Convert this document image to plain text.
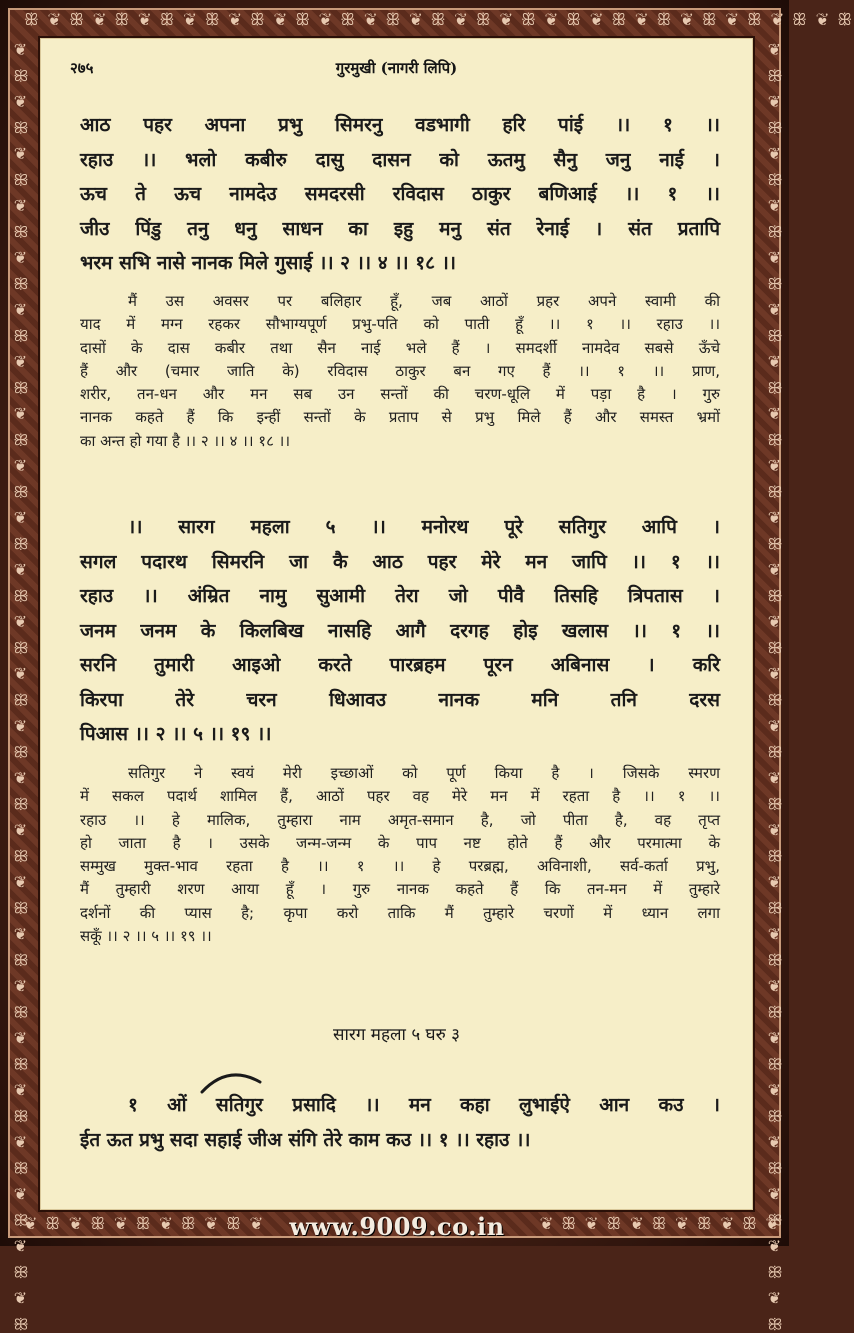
ꕥ ❦ ꕥ ❦ ꕥ ❦ ꕥ ❦ ꕥ ❦ ꕥ ❦ ꕥ ❦ ꕥ ❦ ꕥ ❦ ꕥ ❦ ꕥ ❦ ꕥ ❦ ꕥ ❦ ꕥ ❦ ꕥ ❦ ꕥ ❦ ꕥ ❦ ꕥ ❦ ꕥ
❦ ꕥ ❦ ꕥ ❦ ꕥ ❦ ꕥ ❦ ꕥ ❦	❦ ꕥ ❦ ꕥ ❦ ꕥ ❦ ꕥ ❦ ꕥ ❦
❦ ꕥ ❦ ꕥ ❦ ꕥ ❦ ꕥ ❦ ꕥ ❦ ꕥ ❦ ꕥ ❦ ꕥ ❦ ꕥ ❦ ꕥ ❦ ꕥ ❦ ꕥ ❦ ꕥ ❦ ꕥ ❦ ꕥ ❦ ꕥ ❦ ꕥ ❦ ꕥ ❦ ꕥ ❦ ꕥ ❦ ꕥ ❦ ꕥ ❦ ꕥ ❦ ꕥ ❦ ꕥ	❦ ꕥ ❦ ꕥ ❦ ꕥ ❦ ꕥ ❦ ꕥ ❦ ꕥ ❦ ꕥ ❦ ꕥ ❦ ꕥ ❦ ꕥ ❦ ꕥ ❦ ꕥ ❦ ꕥ ❦ ꕥ ❦ ꕥ ❦ ꕥ ❦ ꕥ ❦ ꕥ ❦ ꕥ ❦ ꕥ ❦ ꕥ ❦ ꕥ ❦ ꕥ ❦ ꕥ ❦ ꕥ
२७५	गुरमुखी (नागरी लिपि)
आठ पहर अपना प्रभु सिमरनु वडभागी हरि पांई ।। १ ।।
रहाउ ।। भलो कबीरु दासु दासन को ऊतमु सैनु जनु नाई ।
ऊच ते ऊच नामदेउ समदरसी रविदास ठाकुर बणिआई ।। १ ।।
जीउ पिंडु तनु धनु साधन का इहु मनु संत रेनाई । संत प्रतापि
भरम सभि नासे नानक मिले गुसाई ।। २ ।। ४ ।। १८ ।।
मैं उस अवसर पर बलिहार हूँ, जब आठों प्रहर अपने स्वामी की
याद में मग्न रहकर सौभाग्यपूर्ण प्रभु-पति को पाती हूँ ।। १ ।। रहाउ ।।
दासों के दास कबीर तथा सैन नाई भले हैं । समदर्शी नामदेव सबसे ऊँचे
हैं और (चमार जाति के) रविदास ठाकुर बन गए हैं ।। १ ।। प्राण,
शरीर, तन-धन और मन सब उन सन्तों की चरण-धूलि में पड़ा है । गुरु
नानक कहते हैं कि इन्हीं सन्तों के प्रताप से प्रभु मिले हैं और समस्त भ्रमों
का अन्त हो गया है ।। २ ।। ४ ।। १८ ।।
।। सारग महला ५ ।। मनोरथ पूरे सतिगुर आपि ।
सगल पदारथ सिमरनि जा कै आठ पहर मेरे मन जापि ।। १ ।।
रहाउ ।। अंम्रित नामु सुआमी तेरा जो पीवै तिसहि त्रिपतास ।
जनम जनम के किलबिख नासहि आगै दरगह होइ खलास ।। १ ।।
सरनि तुमारी आइओ करते पारब्रहम पूरन अबिनास । करि
किरपा तेरे चरन धिआवउ नानक मनि तनि दरस
पिआस ।। २ ।। ५ ।। १९ ।।
सतिगुर ने स्वयं मेरी इच्छाओं को पूर्ण किया है । जिसके स्मरण
में सकल पदार्थ शामिल हैं, आठों पहर वह मेरे मन में रहता है ।। १ ।।
रहाउ ।। हे मालिक, तुम्हारा नाम अमृत-समान है, जो पीता है, वह तृप्त
हो जाता है । उसके जन्म-जन्म के पाप नष्ट होते हैं और परमात्मा के
सम्मुख मुक्त-भाव रहता है ।। १ ।। हे परब्रह्म, अविनाशी, सर्व-कर्ता प्रभु,
मैं तुम्हारी शरण आया हूँ । गुरु नानक कहते हैं कि तन-मन में तुम्हारे
दर्शनों की प्यास है; कृपा करो ताकि मैं तुम्हारे चरणों में ध्यान लगा
सकूँ ।। २ ।। ५ ।। १९ ।।
सारग महला ५ घरु ३
१ ओं सतिगुर प्रसादि ।। मन कहा लुभाईऐ आन कउ ।
ईत ऊत प्रभु सदा सहाई जीअ संगि तेरे काम कउ ।। १ ।। रहाउ ।।
www.9009.co.in
